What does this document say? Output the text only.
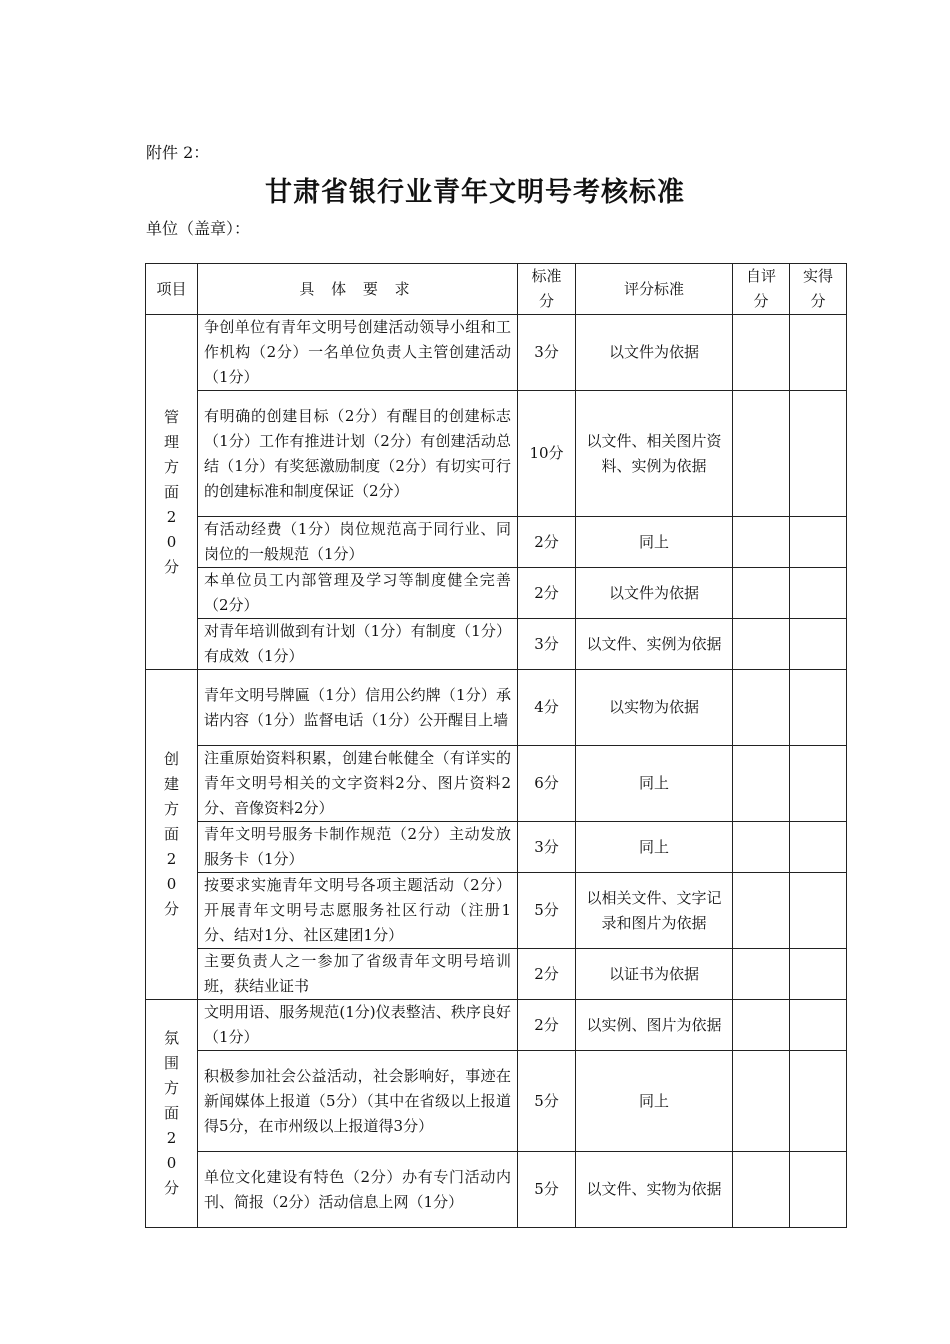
附件 2：
甘肃省银行业青年文明号考核标准
单位（盖章）：
项目	具 体 要 求	标准分	评分标准	自评分	实得分
管理方面20分	争创单位有青年文明号创建活动领导小组和工作机构（2分）一名单位负责人主管创建活动（1分）	3分	以文件为依据		
	有明确的创建目标（2分）有醒目的创建标志（1分）工作有推进计划（2分）有创建活动总结（1分）有奖惩激励制度（2分）有切实可行的创建标准和制度保证（2分）	10分	以文件、相关图片资料、实例为依据		
	有活动经费（1分）岗位规范高于同行业、同岗位的一般规范（1分）	2分	同上		
	本单位员工内部管理及学习等制度健全完善（2分）	2分	以文件为依据		
	对青年培训做到有计划（1分）有制度（1分）有成效（1分）	3分	以文件、实例为依据		
创建方面20分	青年文明号牌匾（1分）信用公约牌（1分）承诺内容（1分）监督电话（1分）公开醒目上墙	4分	以实物为依据		
	注重原始资料积累，创建台帐健全（有详实的青年文明号相关的文字资料2分、图片资料2分、音像资料2分）	6分	同上		
	青年文明号服务卡制作规范（2分）主动发放服务卡（1分）	3分	同上		
	按要求实施青年文明号各项主题活动（2分）开展青年文明号志愿服务社区行动（注册1分、结对1分、社区建团1分）	5分	以相关文件、文字记录和图片为依据		
	主要负责人之一参加了省级青年文明号培训班，获结业证书	2分	以证书为依据		
氛围方面20分	文明用语、服务规范(1分)仪表整洁、秩序良好（1分）	2分	以实例、图片为依据		
	积极参加社会公益活动，社会影响好，事迹在新闻媒体上报道（5分）（其中在省级以上报道得5分，在市州级以上报道得3分）	5分	同上		
	单位文化建设有特色（2分）办有专门活动内刊、简报（2分）活动信息上网（1分）	5分	以文件、实物为依据		
